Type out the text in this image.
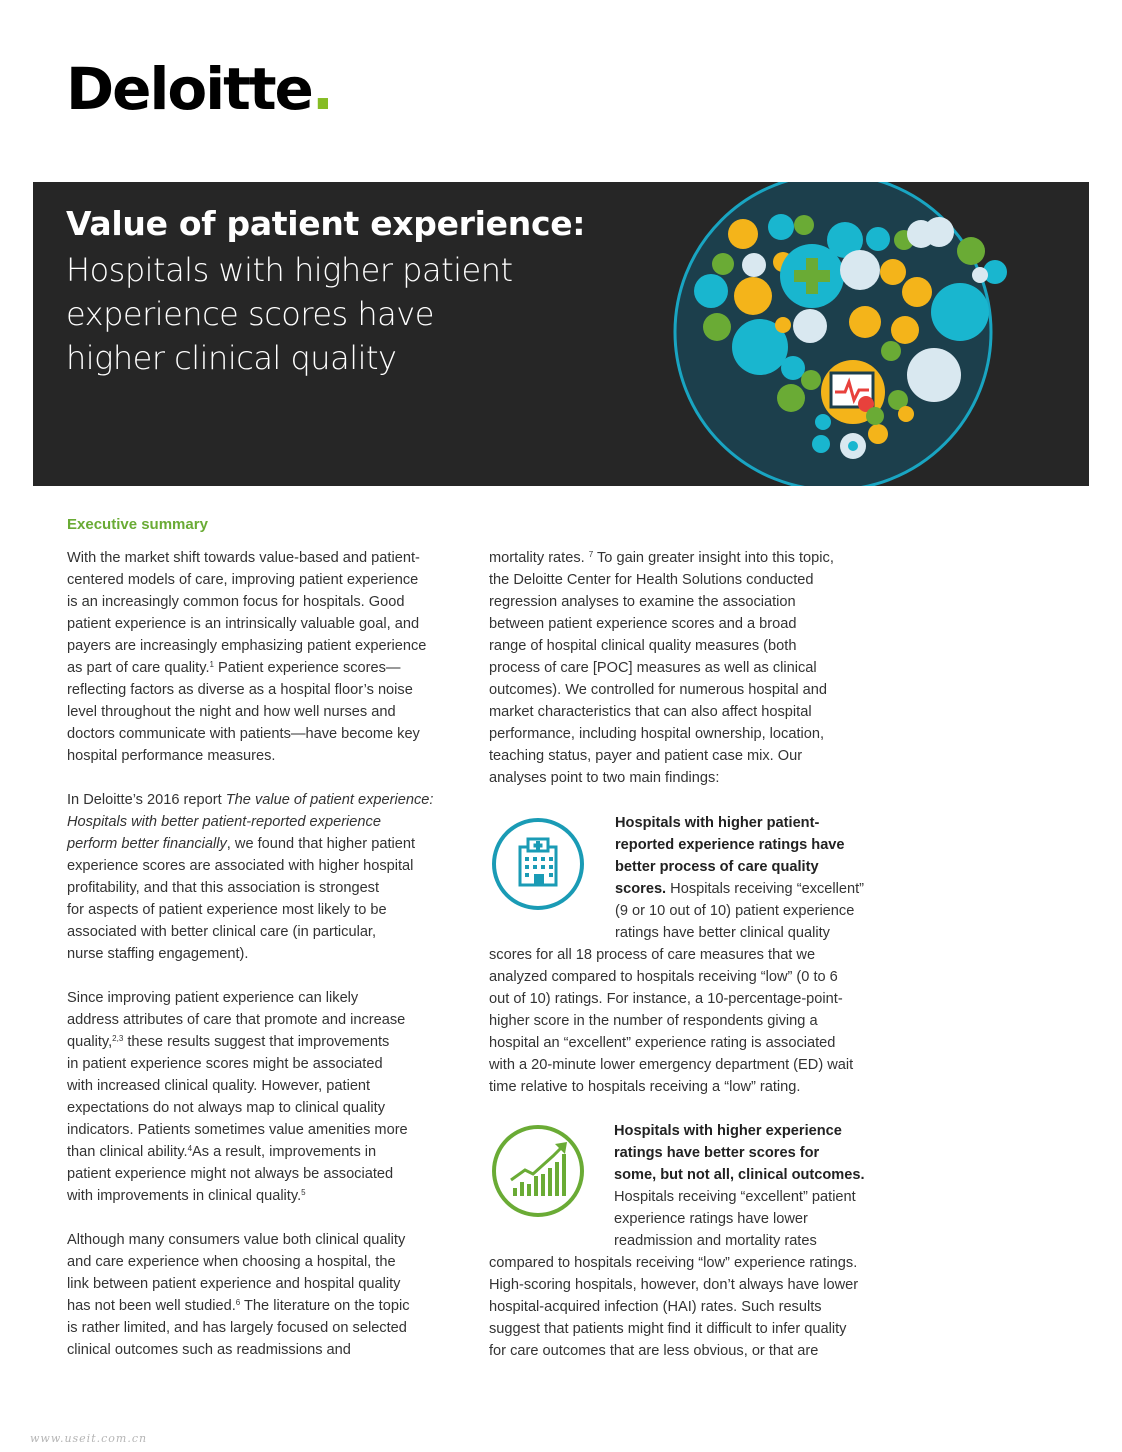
Deloitte.
Value of patient experience:
Hospitals with higher patient
experience scores have
higher clinical quality
Executive summary
With the market shift towards value-based and patient-
centered models of care, improving patient experience
is an increasingly common focus for hospitals. Good
patient experience is an intrinsically valuable goal, and
payers are increasingly emphasizing patient experience
as part of care quality.$^1$ Patient experience scores—
reflecting factors as diverse as a hospital floor’s noise
level throughout the night and how well nurses and
doctors communicate with patients—have become key
hospital performance measures.
In Deloitte’s 2016 report The value of patient experience:
Hospitals with better patient-reported experience
perform better financially, we found that higher patient
experience scores are associated with higher hospital
profitability, and that this association is strongest
for aspects of patient experience most likely to be
associated with better clinical care (in particular,
nurse staffing engagement).
Since improving patient experience can likely
address attributes of care that promote and increase
quality,$^{2,3}$ these results suggest that improvements
in patient experience scores might be associated
with increased clinical quality. However, patient
expectations do not always map to clinical quality
indicators. Patients sometimes value amenities more
than clinical ability.$^4$As a result, improvements in
patient experience might not always be associated
with improvements in clinical quality.$^5$
Although many consumers value both clinical quality
and care experience when choosing a hospital, the
link between patient experience and hospital quality
has not been well studied.$^6$ The literature on the topic
is rather limited, and has largely focused on selected
clinical outcomes such as readmissions and
mortality rates. $^7$ To gain greater insight into this topic,
the Deloitte Center for Health Solutions conducted
regression analyses to examine the association
between patient experience scores and a broad
range of hospital clinical quality measures (both
process of care [POC] measures as well as clinical
outcomes). We controlled for numerous hospital and
market characteristics that can also affect hospital
performance, including hospital ownership, location,
teaching status, payer and patient case mix. Our
analyses point to two main findings:
Hospitals with higher patient-
reported experience ratings have
better process of care quality
scores. Hospitals receiving “excellent”
(9 or 10 out of 10) patient experience
ratings have better clinical quality
scores for all 18 process of care measures that we
analyzed compared to hospitals receiving “low” (0 to 6
out of 10) ratings. For instance, a 10-percentage-point-
higher score in the number of respondents giving a
hospital an “excellent” experience rating is associated
with a 20-minute lower emergency department (ED) wait
time relative to hospitals receiving a “low” rating.
Hospitals with higher experience
ratings have better scores for
some, but not all, clinical outcomes.
Hospitals receiving “excellent” patient
experience ratings have lower
readmission and mortality rates
compared to hospitals receiving “low” experience ratings.
High-scoring hospitals, however, don’t always have lower
hospital-acquired infection (HAI) rates. Such results
suggest that patients might find it difficult to infer quality
for care outcomes that are less obvious, or that are
www.useit.com.cn
